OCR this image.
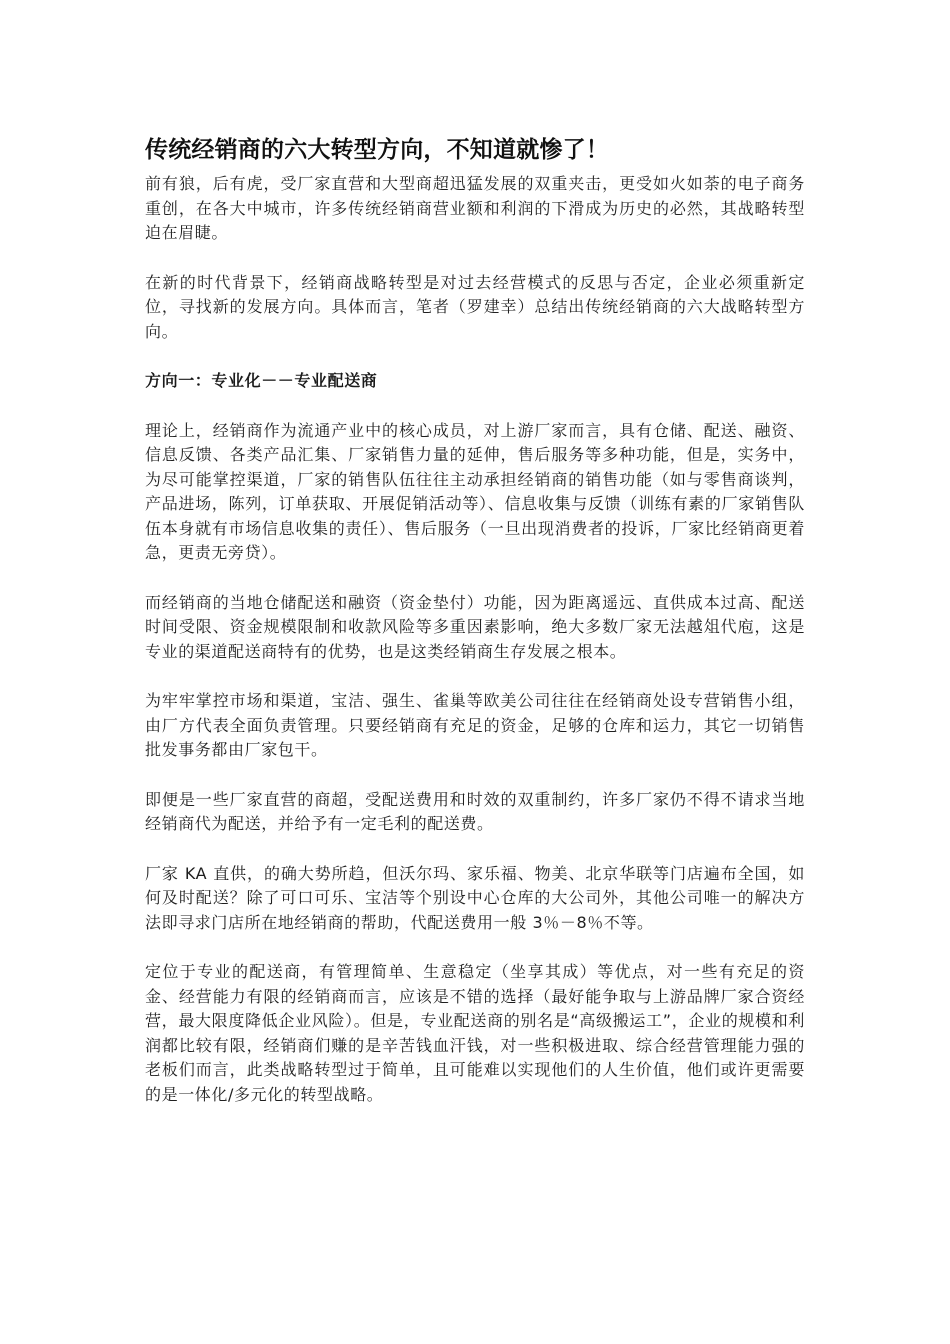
传统经销商的六大转型方向，不知道就惨了！

前有狼，后有虎，受厂家直营和大型商超迅猛发展的双重夹击，更受如火如荼的电子商务重创，在各大中城市，许多传统经销商营业额和利润的下滑成为历史的必然，其战略转型迫在眉睫。

在新的时代背景下，经销商战略转型是对过去经营模式的反思与否定，企业必须重新定位，寻找新的发展方向。具体而言，笔者（罗建幸）总结出传统经销商的六大战略转型方向。

方向一：专业化－－专业配送商

理论上，经销商作为流通产业中的核心成员，对上游厂家而言，具有仓储、配送、融资、信息反馈、各类产品汇集、厂家销售力量的延伸，售后服务等多种功能，但是，实务中，为尽可能掌控渠道，厂家的销售队伍往往主动承担经销商的销售功能（如与零售商谈判，产品进场，陈列，订单获取、开展促销活动等）、信息收集与反馈（训练有素的厂家销售队伍本身就有市场信息收集的责任）、售后服务（一旦出现消费者的投诉，厂家比经销商更着急，更责无旁贷）。

而经销商的当地仓储配送和融资（资金垫付）功能，因为距离遥远、直供成本过高、配送时间受限、资金规模限制和收款风险等多重因素影响，绝大多数厂家无法越俎代庖，这是专业的渠道配送商特有的优势，也是这类经销商生存发展之根本。

为牢牢掌控市场和渠道，宝洁、强生、雀巢等欧美公司往往在经销商处设专营销售小组，由厂方代表全面负责管理。只要经销商有充足的资金，足够的仓库和运力，其它一切销售批发事务都由厂家包干。

即便是一些厂家直营的商超，受配送费用和时效的双重制约，许多厂家仍不得不请求当地经销商代为配送，并给予有一定毛利的配送费。

厂家 KA 直供，的确大势所趋，但沃尔玛、家乐福、物美、北京华联等门店遍布全国，如何及时配送？除了可口可乐、宝洁等个别设中心仓库的大公司外，其他公司唯一的解决方法即寻求门店所在地经销商的帮助，代配送费用一般 3％－8％不等。

定位于专业的配送商，有管理简单、生意稳定（坐享其成）等优点，对一些有充足的资金、经营能力有限的经销商而言，应该是不错的选择（最好能争取与上游品牌厂家合资经营，最大限度降低企业风险）。但是，专业配送商的别名是“高级搬运工”，企业的规模和利润都比较有限，经销商们赚的是辛苦钱血汗钱，对一些积极进取、综合经营管理能力强的老板们而言，此类战略转型过于简单，且可能难以实现他们的人生价值，他们或许更需要的是一体化/多元化的转型战略。
